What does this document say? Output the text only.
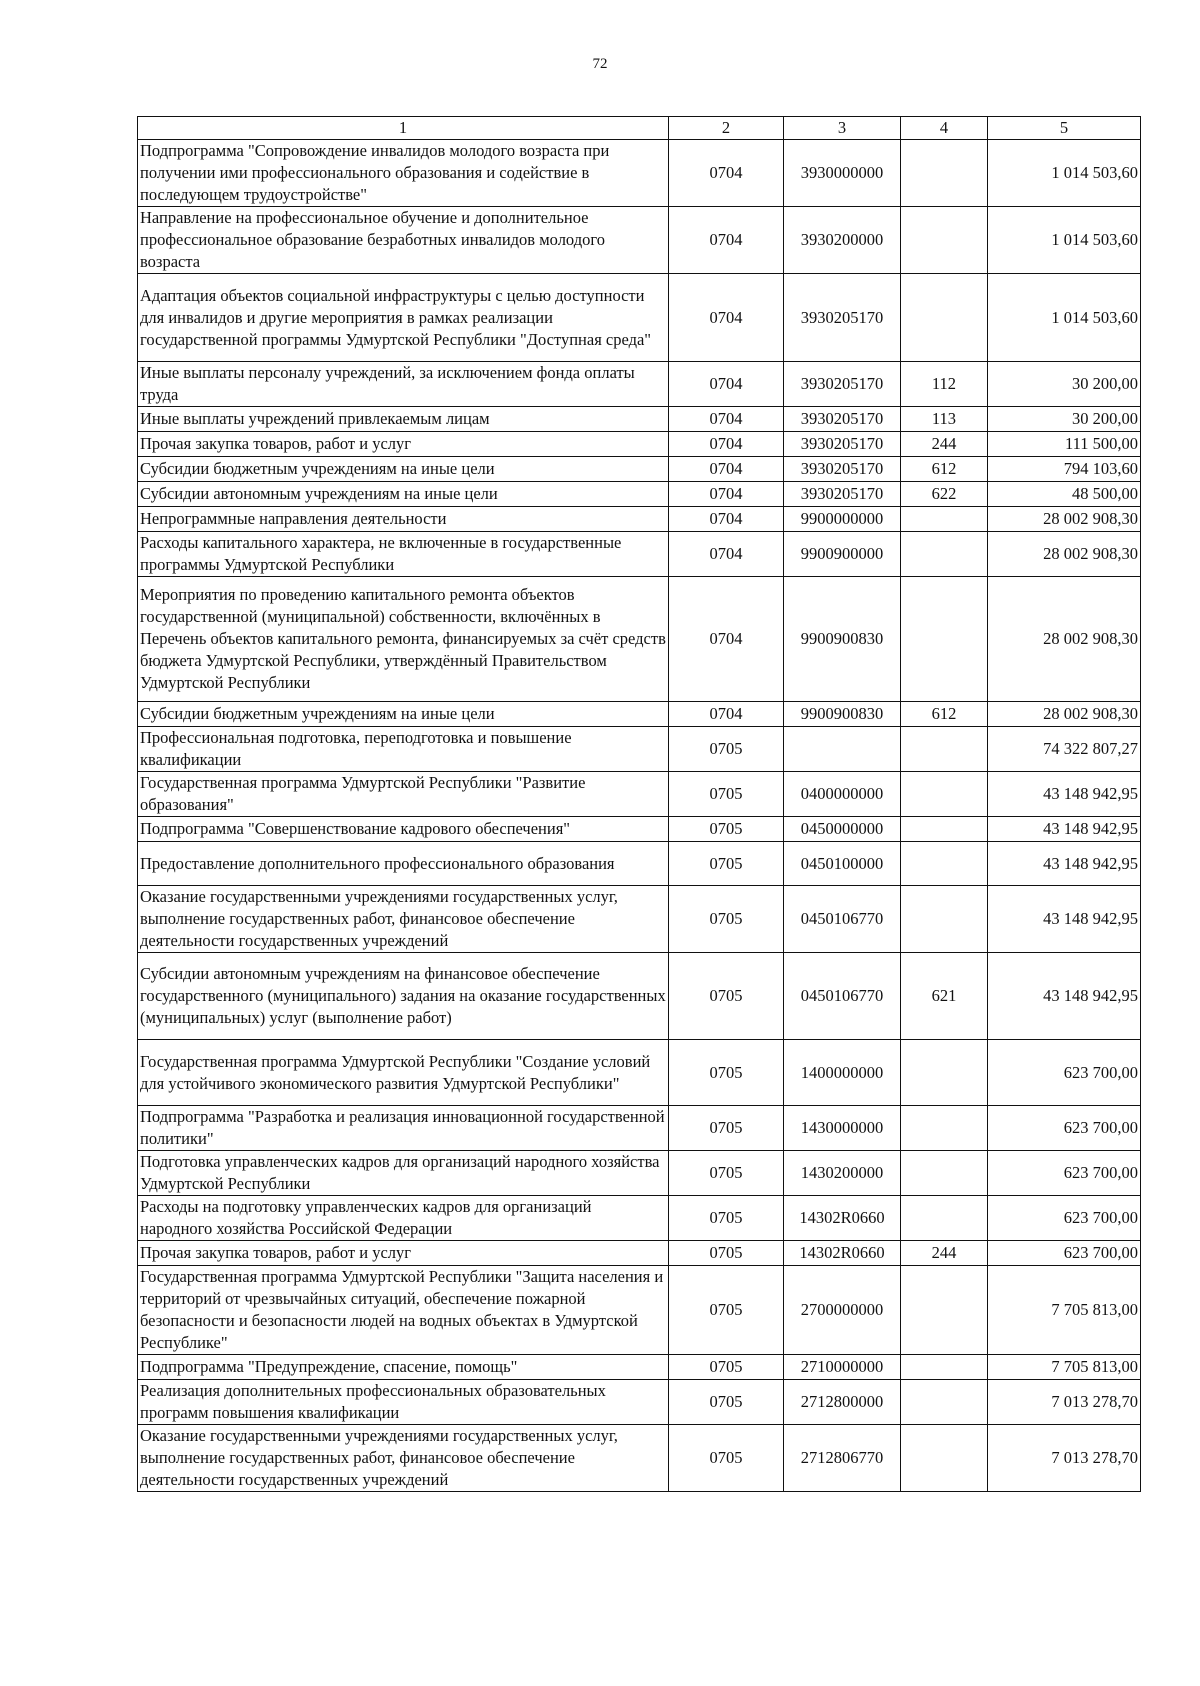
72
1	2	3	4	5
Подпрограмма "Сопровождение инвалидов молодого возраста при получении ими профессионального образования и содействие в последующем трудоустройстве"	0704	3930000000		1 014 503,60
Направление на профессиональное обучение и дополнительное профессиональное образование безработных инвалидов молодого возраста	0704	3930200000		1 014 503,60
Адаптация объектов социальной инфраструктуры с целью доступности для инвалидов и другие мероприятия в рамках реализации государственной программы Удмуртской Республики "Доступная среда"	0704	3930205170		1 014 503,60
Иные выплаты персоналу учреждений, за исключением фонда оплаты труда	0704	3930205170	112	30 200,00
Иные выплаты учреждений привлекаемым лицам	0704	3930205170	113	30 200,00
Прочая закупка товаров, работ и услуг	0704	3930205170	244	111 500,00
Субсидии бюджетным учреждениям на иные цели	0704	3930205170	612	794 103,60
Субсидии автономным учреждениям на иные цели	0704	3930205170	622	48 500,00
Непрограммные направления деятельности	0704	9900000000		28 002 908,30
Расходы капитального характера, не включенные в государственные программы Удмуртской Республики	0704	9900900000		28 002 908,30
Мероприятия по проведению капитального ремонта объектов государственной (муниципальной) собственности, включённых в Перечень объектов капитального ремонта, финансируемых за счёт средств бюджета Удмуртской Республики, утверждённый Правительством Удмуртской Республики	0704	9900900830		28 002 908,30
Субсидии бюджетным учреждениям на иные цели	0704	9900900830	612	28 002 908,30
Профессиональная подготовка, переподготовка и повышение квалификации	0705			74 322 807,27
Государственная программа Удмуртской Республики "Развитие образования"	0705	0400000000		43 148 942,95
Подпрограмма "Совершенствование кадрового обеспечения"	0705	0450000000		43 148 942,95
Предоставление дополнительного профессионального образования	0705	0450100000		43 148 942,95
Оказание государственными учреждениями государственных услуг, выполнение государственных работ, финансовое обеспечение деятельности государственных учреждений	0705	0450106770		43 148 942,95
Субсидии автономным учреждениям на финансовое обеспечение государственного (муниципального) задания на оказание государственных (муниципальных) услуг (выполнение работ)	0705	0450106770	621	43 148 942,95
Государственная программа Удмуртской Республики "Создание условий для устойчивого экономического развития Удмуртской Республики"	0705	1400000000		623 700,00
Подпрограмма "Разработка и реализация инновационной государственной политики"	0705	1430000000		623 700,00
Подготовка управленческих кадров для организаций народного хозяйства Удмуртской Республики	0705	1430200000		623 700,00
Расходы на подготовку управленческих кадров для организаций народного хозяйства Российской Федерации	0705	14302R0660		623 700,00
Прочая закупка товаров, работ и услуг	0705	14302R0660	244	623 700,00
Государственная программа Удмуртской Республики "Защита населения и территорий от чрезвычайных ситуаций, обеспечение пожарной безопасности и безопасности людей на водных объектах в Удмуртской Республике"	0705	2700000000		7 705 813,00
Подпрограмма "Предупреждение, спасение, помощь"	0705	2710000000		7 705 813,00
Реализация дополнительных профессиональных образовательных программ повышения квалификации	0705	2712800000		7 013 278,70
Оказание государственными учреждениями государственных услуг, выполнение государственных работ, финансовое обеспечение деятельности государственных учреждений	0705	2712806770		7 013 278,70
